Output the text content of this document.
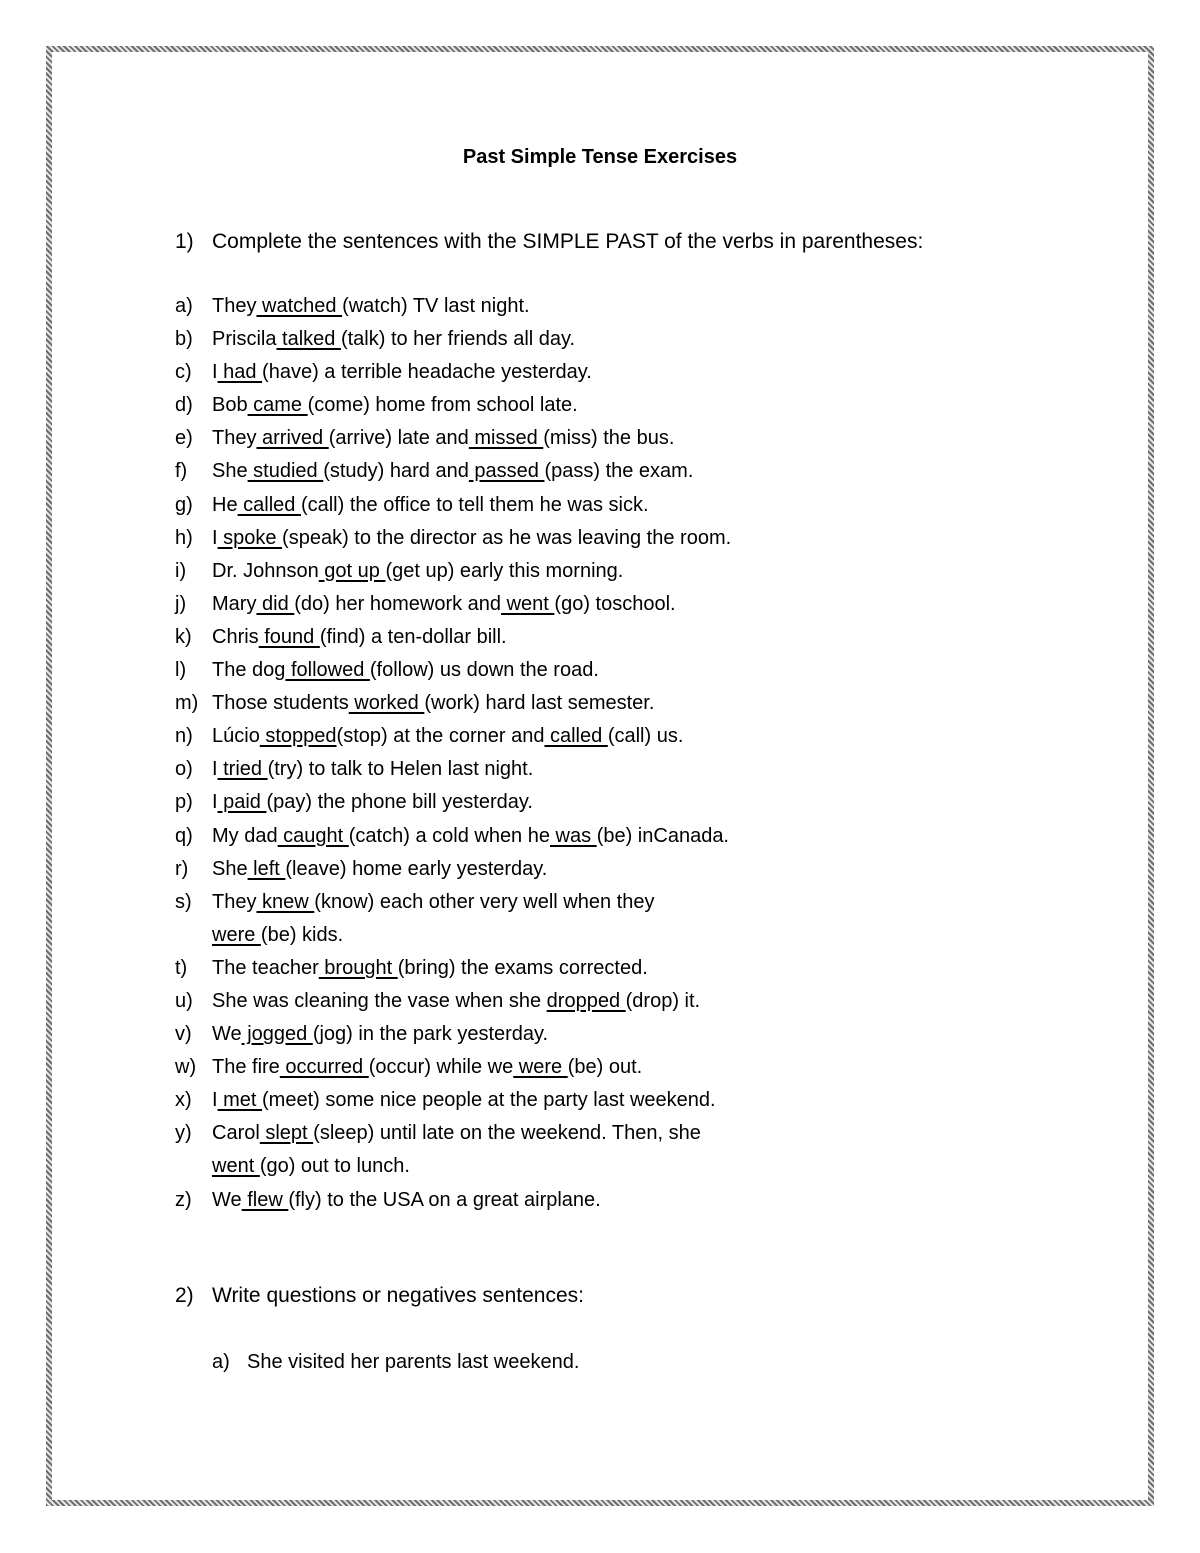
Past Simple Tense Exercises
1) Complete the sentences with the SIMPLE PAST of the verbs in parentheses:
a) They watched (watch) TV last night.
b) Priscila talked (talk) to her friends all day.
c)	I had (have) a terrible headache yesterday.
d) Bob came (come) home from school late.
e) They arrived (arrive) late and missed (miss) the bus.
f)	She studied (study) hard and passed (pass) the exam.
g) He called (call) the office to tell them he was sick.
h) I spoke (speak) to the director as he was leaving the room.
i)	Dr. Johnson got up (get up) early this morning.
j)	Mary did (do) her homework and went (go) toschool.
k)	Chris found (find) a ten-dollar bill.
l)	The dog followed (follow) us down the road.
m) Those students worked (work) hard last semester.
n) Lúcio stopped(stop) at the corner and called (call) us.
o) I tried (try) to talk to Helen last night.
p) I paid (pay) the phone bill yesterday.
q) My dad caught (catch) a cold when he was (be) inCanada.
r)	She left (leave) home early yesterday.
s)	They knew (know) each other very well when they
were (be) kids.
t)	The teacher brought (bring) the exams corrected.
u) She was cleaning the vase when she dropped (drop) it.
v)	We jogged (jog) in the park yesterday.
w) The fire occurred (occur) while we were (be) out.
x)	I met (meet) some nice people at the party last weekend.
y)	Carol slept (sleep) until late on the weekend. Then, she
went (go) out to lunch.
z)	We flew (fly) to the USA on a great airplane.
2) Write questions or negatives sentences:
a) She visited her parents last weekend.
